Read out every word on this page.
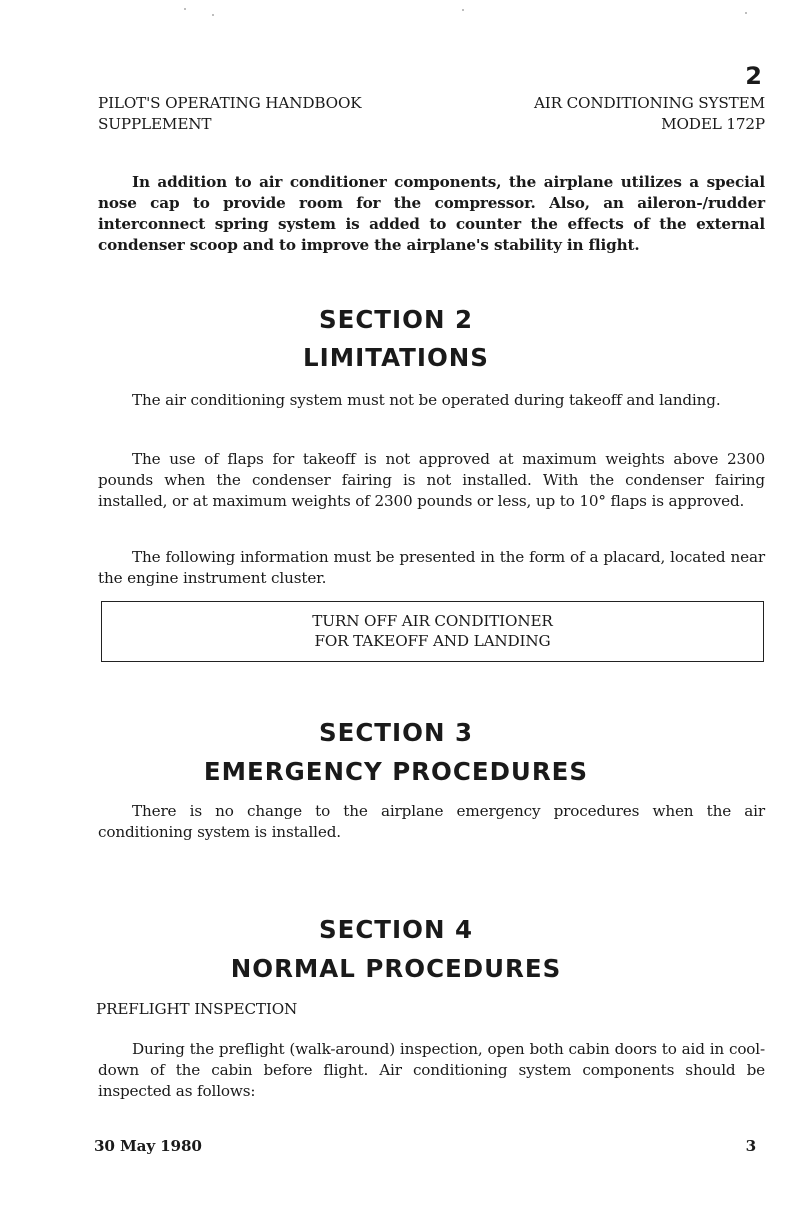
2
PILOT'S OPERATING HANDBOOK
SUPPLEMENT
AIR CONDITIONING SYSTEM
MODEL 172P

In addition to air conditioner components, the airplane utilizes a special nose cap to provide room for the compressor. Also, an aileron-/rudder interconnect spring system is added to counter the effects of the external condenser scoop and to improve the airplane's stability in flight.

SECTION 2
LIMITATIONS

The air conditioning system must not be operated during takeoff and landing.

The use of flaps for takeoff is not approved at maximum weights above 2300 pounds when the condenser fairing is not installed. With the condenser fairing installed, or at maximum weights of 2300 pounds or less, up to 10° flaps is approved.

The following information must be presented in the form of a placard, located near the engine instrument cluster.

TURN OFF AIR CONDITIONER
FOR TAKEOFF AND LANDING
SECTION 3
EMERGENCY PROCEDURES

There is no change to the airplane emergency procedures when the air conditioning system is installed.

SECTION 4
NORMAL PROCEDURES
PREFLIGHT INSPECTION

During the preflight (walk-around) inspection, open both cabin doors to aid in cool-down of the cabin before flight. Air conditioning system components should be inspected as follows:

30 May 1980	3
